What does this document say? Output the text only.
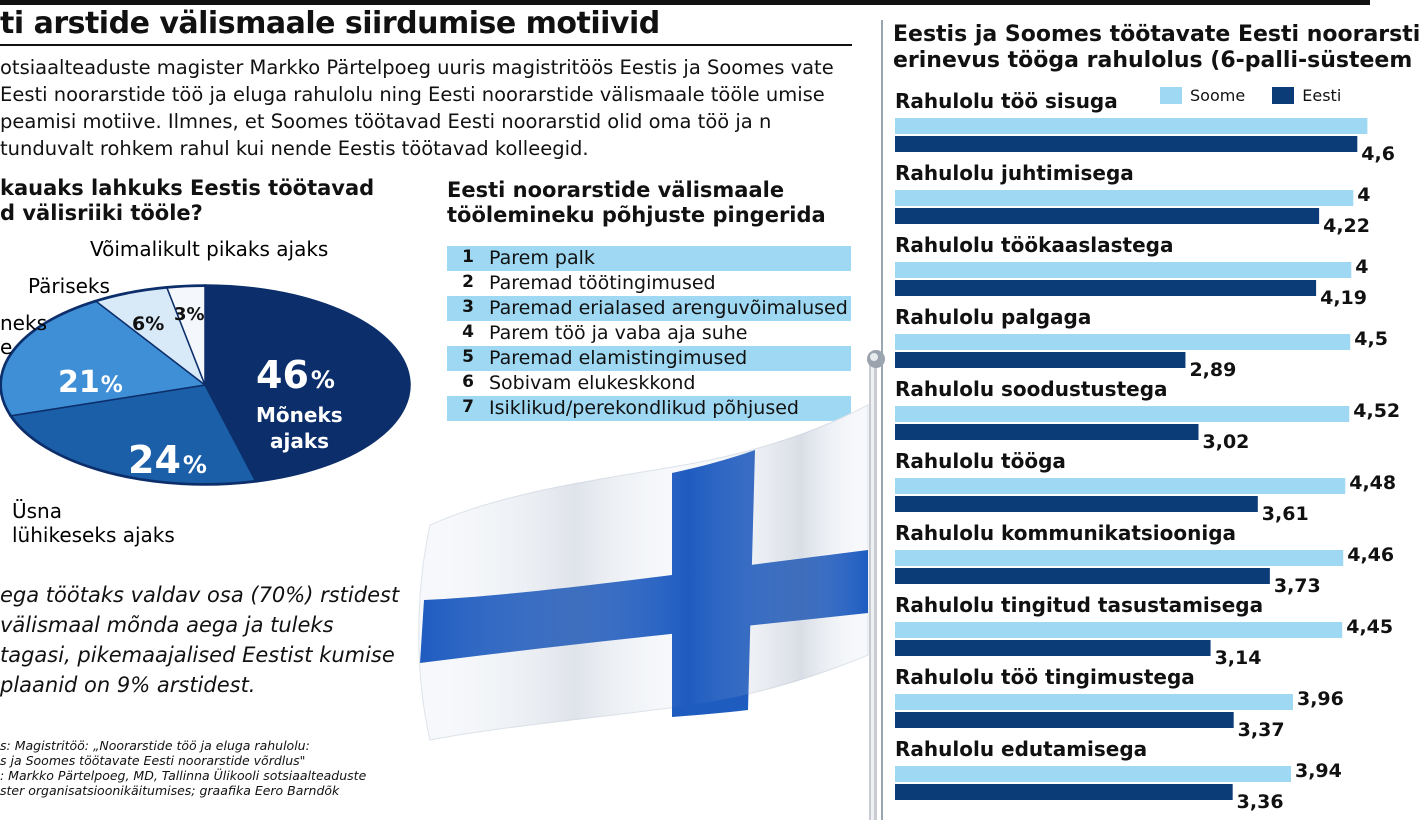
ti arstide välismaale siirdumise motiivid
otsiaalteaduste magister Markko Pärtelpoeg uuris magistritöös Eestis ja Soomes vate Eesti noorarstide töö ja eluga rahulolu ning Eesti noorarstide välismaale tööle umise peamisi motiive. Ilmnes, et Soomes töötavad Eesti noorarstid olid oma töö ja n tunduvalt rohkem rahul kui nende Eestis töötavad kolleegid.
kauaks lahkuks Eestis töötavad
d välisriiki tööle?
Võimalikult pikaks ajaks
Päriseks
neks
e
Üsna
lühikeseks ajaks
46%
Mõneks
ajaks
24%
21%
6% 3%
Eesti noorarstide välismaale
töölemineku põhjuste pingerida
1 Parem palk
2 Paremad töötingimused
3 Paremad erialased arenguvõimalused
4 Parem töö ja vaba aja suhe
5 Paremad elamistingimused
6 Sobivam elukeskkond
7 Isiklikud/perekondlikud põhjused
ega töötaks valdav osa (70%) rstidest välismaal mõnda aega ja tuleks tagasi, pikemaajalised Eestist kumise plaanid on 9% arstidest.
s: Magistritöö: „Noorarstide töö ja eluga rahulolu:
s ja Soomes töötavate Eesti noorarstide võrdlus"
: Markko Pärtelpoeg, MD, Tallinna Ülikooli sotsiaalteaduste
ster organisatsioonikäitumises; graafika Eero Barndõk
Eestis ja Soomes töötavate Eesti noorarsti
erinevus tööga rahulolus (6-palli-süsteem
Soome	Eesti
Rahulolu töö sisuga
4,6
Rahulolu juhtimisega
4
4,22
Rahulolu töökaaslastega
4
4,19
Rahulolu palgaga
4,5
2,89
Rahulolu soodustustega
4,52
3,02
Rahulolu tööga
4,48
3,61
Rahulolu kommunikatsiooniga
4,46
3,73
Rahulolu tingitud tasustamisega
4,45
3,14
Rahulolu töö tingimustega
3,96
3,37
Rahulolu edutamisega
3,94
3,36
